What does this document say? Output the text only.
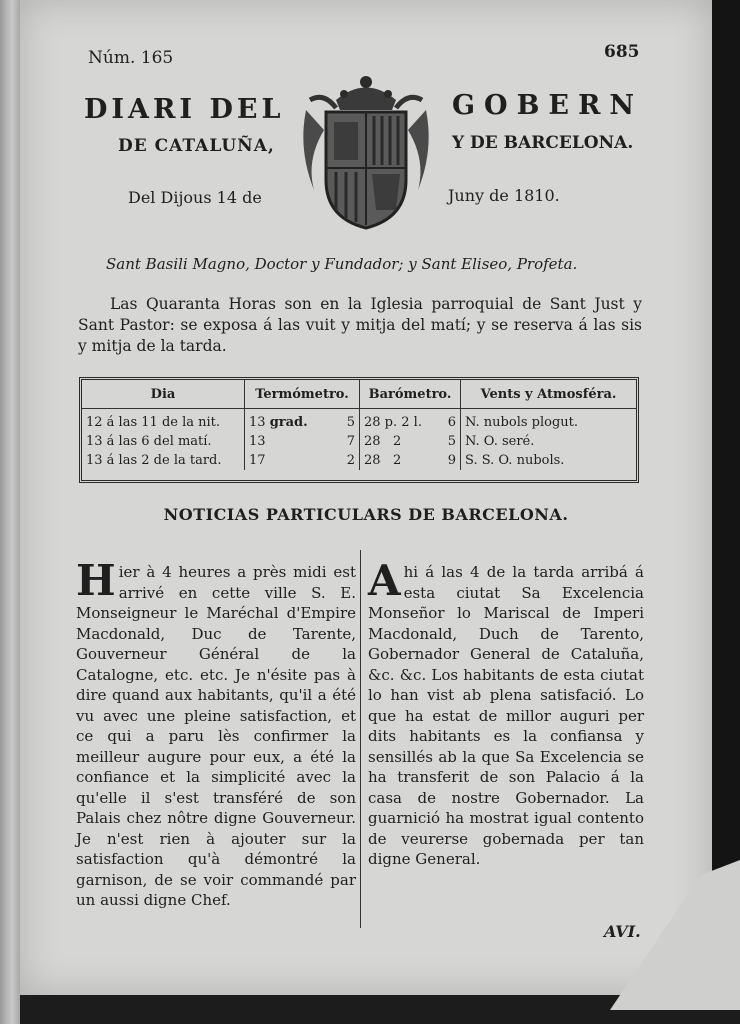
Núm. 165	685
DIARI DEL	GOBERN
DE CATALUÑA,	Y DE BARCELONA.
Del Dijous 14 de	Juny de 1810.
Sant Basili Magno, Doctor y Fundador; y Sant Eliseo, Profeta.

Las Quaranta Horas son en la Iglesia parroquial de Sant Just y Sant Pastor: se exposa á las vuit y mitja del matí; y se reserva á las sis y mitja de la tarda.

Dia	Termómetro.	Barómetro.	Vents y Atmosféra.
12 á las 11 de la nit.	13 grad. 5	28 p. 2 l. 6	N. nubols plogut.
13 á las 6 del matí.	13 7	28 2 5	N. O. seré.
13 á las 2 de la tard.	17 2	28 2 9	S. S. O. nubols.
NOTICIAS PARTICULARS DE BARCELONA.

Hier à 4 heures a près midi est arrivé en cette ville S. E. Monseigneur le Maréchal d'Empire Macdonald, Duc de Tarente, Gouverneur Général de la Catalogne, etc. etc. Je n'ésite pas à dire quand aux habitants, qu'il a été vu avec une pleine satisfaction, et ce qui a paru lès confirmer la meilleur augure pour eux, a été la confiance et la simplicité avec la qu'elle il s'est transféré de son Palais chez nôtre digne Gouverneur. Je n'est rien à ajouter sur la satisfaction qu'à démontré la garnison, de se voir commandé par un aussi digne Chef.

Ahi á las 4 de la tarda arribá á esta ciutat Sa Excelencia Monseñor lo Mariscal de Imperi Macdonald, Duch de Tarento, Gobernador General de Cataluña, &c. &c. Los habitants de esta ciutat lo han vist ab plena satisfació. Lo que ha estat de millor auguri per dits habitants es la confiansa y sensillés ab la que Sa Excelencia se ha transferit de son Palacio á la casa de nostre Gobernador. La guarnició ha mostrat igual contento de veurerse gobernada per tan digne General.

AVI.
